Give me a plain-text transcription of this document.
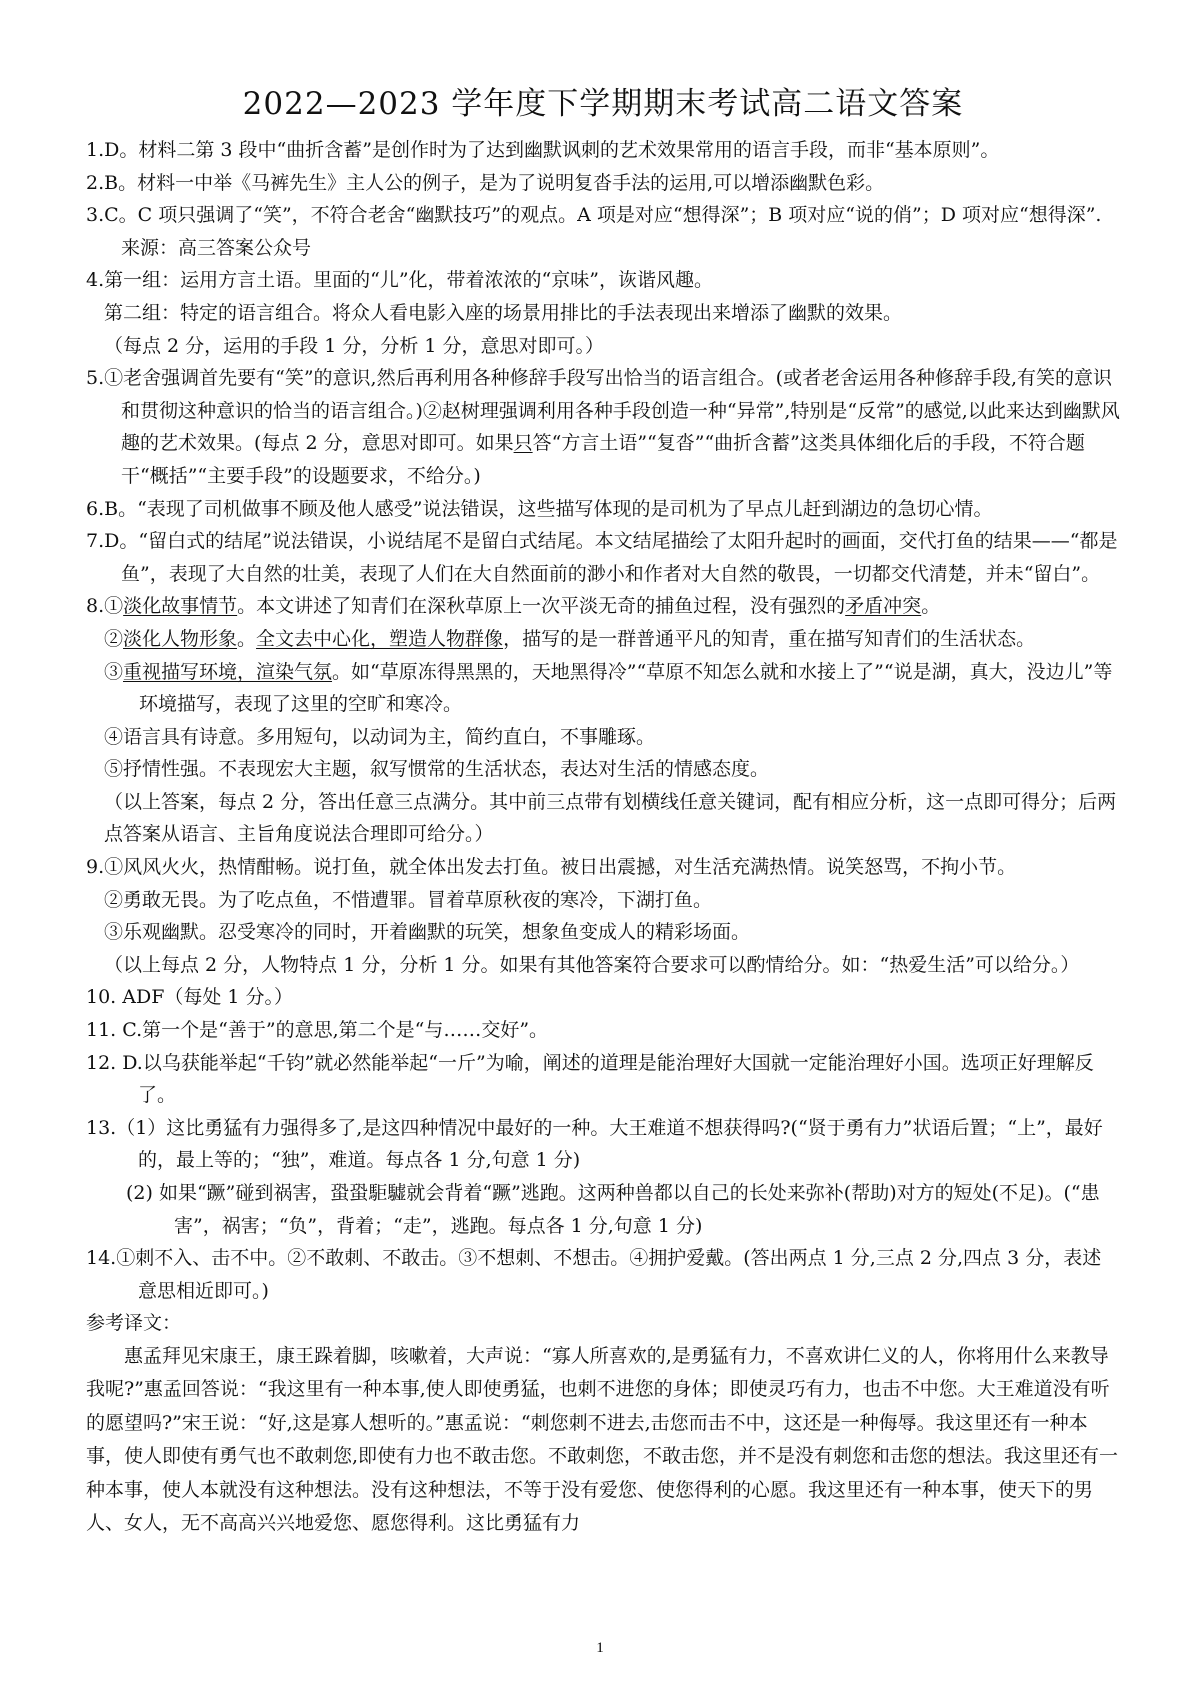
2022—2023 学年度下学期期末考试高二语文答案

1.D。材料二第 3 段中“曲折含蓄”是创作时为了达到幽默讽刺的艺术效果常用的语言手段，而非“基本原则”。

2.B。材料一中举《马裤先生》主人公的例子，是为了说明复沓手法的运用,可以增添幽默色彩。

3.C。C 项只强调了“笑”，不符合老舍“幽默技巧”的观点。A 项是对应“想得深”；B 项对应“说的俏”；D 项对应“想得深”.来源：高三答案公众号

4.第一组：运用方言土语。里面的“儿”化，带着浓浓的“京味”，诙谐风趣。

第二组：特定的语言组合。将众人看电影入座的场景用排比的手法表现出来增添了幽默的效果。

（每点 2 分，运用的手段 1 分，分析 1 分，意思对即可。）

5.①老舍强调首先要有“笑”的意识,然后再利用各种修辞手段写出恰当的语言组合。(或者老舍运用各种修辞手段,有笑的意识和贯彻这种意识的恰当的语言组合。)②赵树理强调利用各种手段创造一种“异常”,特别是“反常”的感觉,以此来达到幽默风趣的艺术效果。(每点 2 分，意思对即可。如果只答“方言土语”“复沓”“曲折含蓄”这类具体细化后的手段，不符合题干“概括”“主要手段”的设题要求，不给分。)

6.B。“表现了司机做事不顾及他人感受”说法错误，这些描写体现的是司机为了早点儿赶到湖边的急切心情。

7.D。“留白式的结尾”说法错误，小说结尾不是留白式结尾。本文结尾描绘了太阳升起时的画面，交代打鱼的结果——“都是鱼”，表现了大自然的壮美，表现了人们在大自然面前的渺小和作者对大自然的敬畏，一切都交代清楚，并未“留白”。

8.①淡化故事情节。本文讲述了知青们在深秋草原上一次平淡无奇的捕鱼过程，没有强烈的矛盾冲突。

②淡化人物形象。全文去中心化，塑造人物群像，描写的是一群普通平凡的知青，重在描写知青们的生活状态。

③重视描写环境，渲染气氛。如“草原冻得黑黑的，天地黑得冷”“草原不知怎么就和水接上了”“说是湖，真大，没边儿”等环境描写，表现了这里的空旷和寒冷。

④语言具有诗意。多用短句，以动词为主，简约直白，不事雕琢。

⑤抒情性强。不表现宏大主题，叙写惯常的生活状态，表达对生活的情感态度。

（以上答案，每点 2 分，答出任意三点满分。其中前三点带有划横线任意关键词，配有相应分析，这一点即可得分；后两点答案从语言、主旨角度说法合理即可给分。）

9.①风风火火，热情酣畅。说打鱼，就全体出发去打鱼。被日出震撼，对生活充满热情。说笑怒骂，不拘小节。

②勇敢无畏。为了吃点鱼，不惜遭罪。冒着草原秋夜的寒冷，下湖打鱼。

③乐观幽默。忍受寒冷的同时，开着幽默的玩笑，想象鱼变成人的精彩场面。

（以上每点 2 分，人物特点 1 分，分析 1 分。如果有其他答案符合要求可以酌情给分。如：“热爱生活”可以给分。）

10. ADF（每处 1 分。）

11. C.第一个是“善于”的意思,第二个是“与……交好”。

12. D.以乌获能举起“千钧”就必然能举起“一斤”为喻，阐述的道理是能治理好大国就一定能治理好小国。选项正好理解反了。

13.（1）这比勇猛有力强得多了,是这四种情况中最好的一种。大王难道不想获得吗?(“贤于勇有力”状语后置；“上”，最好的，最上等的；“独”，难道。每点各 1 分,句意 1 分)

(2) 如果“蹶”碰到祸害，蛩蛩駏驉就会背着“蹶”逃跑。这两种兽都以自己的长处来弥补(帮助)对方的短处(不足)。(“患害”，祸害；“负”，背着；“走”，逃跑。每点各 1 分,句意 1 分)

14.①刺不入、击不中。②不敢刺、不敢击。③不想刺、不想击。④拥护爱戴。(答出两点 1 分,三点 2 分,四点 3 分，表述意思相近即可。)

参考译文：

惠孟拜见宋康王，康王跺着脚，咳嗽着，大声说：“寡人所喜欢的,是勇猛有力，不喜欢讲仁义的人，你将用什么来教导我呢?”惠孟回答说：“我这里有一种本事,使人即使勇猛，也刺不进您的身体；即使灵巧有力，也击不中您。大王难道没有听的愿望吗?”宋王说：“好,这是寡人想听的。”惠孟说：“刺您刺不进去,击您而击不中，这还是一种侮辱。我这里还有一种本事，使人即使有勇气也不敢刺您,即使有力也不敢击您。不敢刺您，不敢击您，并不是没有刺您和击您的想法。我这里还有一种本事，使人本就没有这种想法。没有这种想法，不等于没有爱您、使您得利的心愿。我这里还有一种本事，使天下的男人、女人，无不高高兴兴地爱您、愿您得利。这比勇猛有力

1
